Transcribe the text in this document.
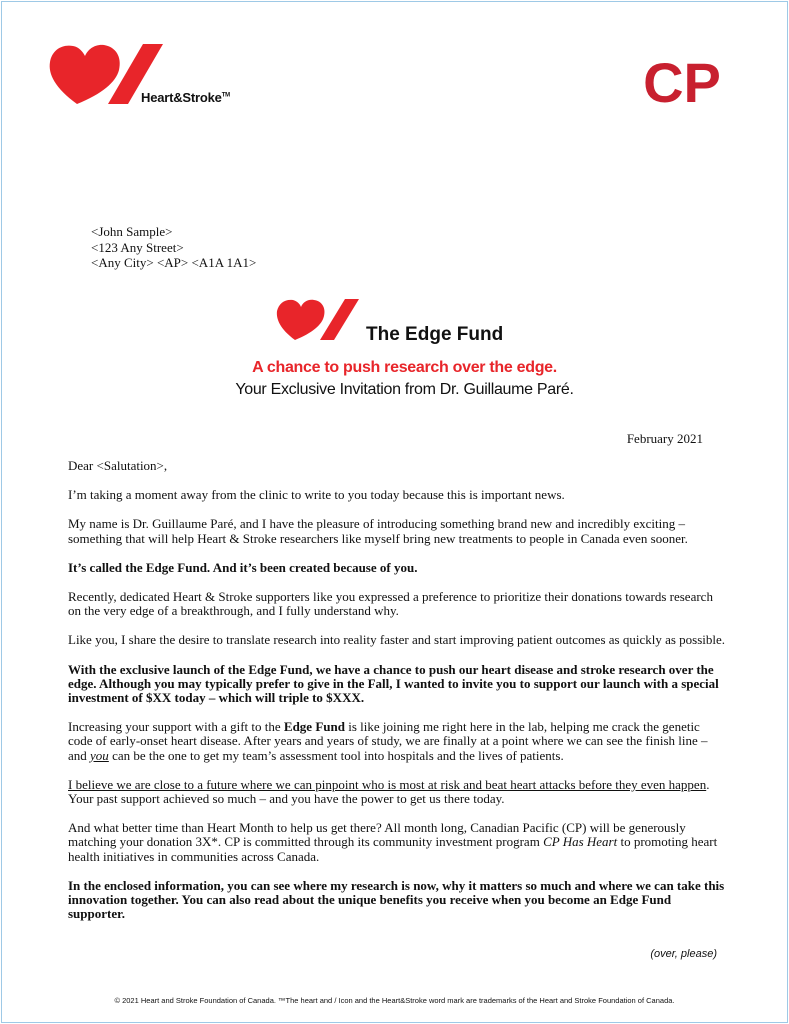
Heart&Stroke™	CP
<John Sample>
<123 Any Street>
<Any City> <AP> <A1A 1A1>
The Edge Fund
A chance to push research over the edge.
Your Exclusive Invitation from Dr. Guillaume Paré.
February 2021

Dear <Salutation>,

I’m taking a moment away from the clinic to write to you today because this is important news.

My name is Dr. Guillaume Paré, and I have the pleasure of introducing something brand new and incredibly exciting – something that will help Heart & Stroke researchers like myself bring new treatments to people in Canada even sooner.

It’s called the Edge Fund. And it’s been created because of you.

Recently, dedicated Heart & Stroke supporters like you expressed a preference to prioritize their donations towards research on the very edge of a breakthrough, and I fully understand why.

Like you, I share the desire to translate research into reality faster and start improving patient outcomes as quickly as possible.

With the exclusive launch of the Edge Fund, we have a chance to push our heart disease and stroke research over the edge. Although you may typically prefer to give in the Fall, I wanted to invite you to support our launch with a special investment of $XX today – which will triple to $XXX.

Increasing your support with a gift to the Edge Fund is like joining me right here in the lab, helping me crack the genetic code of early-onset heart disease. After years and years of study, we are finally at a point where we can see the finish line – and you can be the one to get my team’s assessment tool into hospitals and the lives of patients.

I believe we are close to a future where we can pinpoint who is most at risk and beat heart attacks before they even happen. Your past support achieved so much – and you have the power to get us there today.

And what better time than Heart Month to help us get there? All month long, Canadian Pacific (CP) will be generously matching your donation 3X*. CP is committed through its community investment program CP Has Heart to promoting heart health initiatives in communities across Canada.

In the enclosed information, you can see where my research is now, why it matters so much and where we can take this innovation together. You can also read about the unique benefits you receive when you become an Edge Fund supporter.

(over, please)
© 2021 Heart and Stroke Foundation of Canada. ™The heart and / Icon and the Heart&Stroke word mark are trademarks of the Heart and Stroke Foundation of Canada.
